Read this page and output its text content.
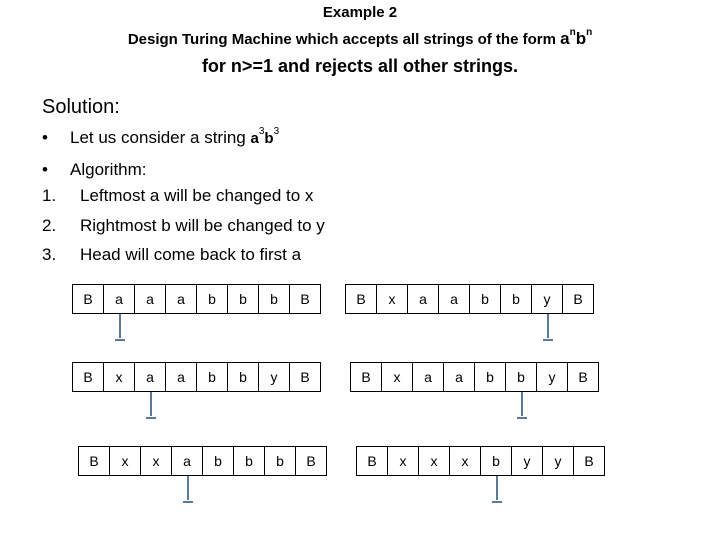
Example 2
Design Turing Machine which accepts all strings of the form $a^nb^n$
for n>=1 and rejects all other strings.
Solution:
• Let us consider a string $a^3b^3$
• Algorithm:
1. Leftmost a will be changed to x
2. Rightmost b will be changed to y
3. Head will come back to first a
B	a	a	a	b	b	b	B	B	x	a	a	b	b	y	B
B	x	a	a	b	b	y	B	B	x	a	a	b	b	y	B
B	x	x	a	b	b	b	B	B	x	x	x	b	y	y	B
